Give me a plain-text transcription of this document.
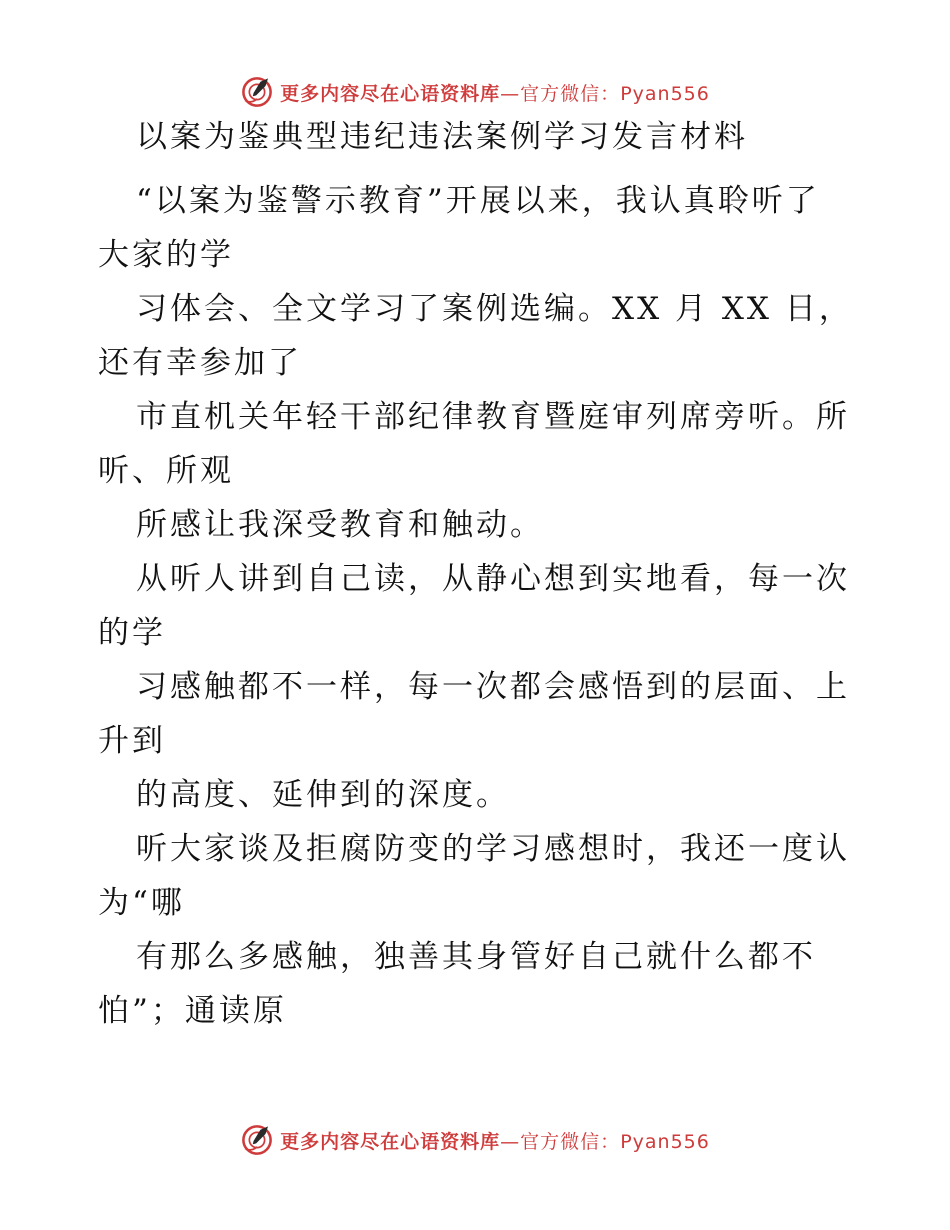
更多内容尽在心语资料库—官方微信：Pyan556
以案为鉴典型违纪违法案例学习发言材料
“以案为鉴警示教育”开展以来，我认真聆听了
大家的学
习体会、全文学习了案例选编。XX 月 XX 日，
还有幸参加了
市直机关年轻干部纪律教育暨庭审列席旁听。所
听、所观
所感让我深受教育和触动。
从听人讲到自己读，从静心想到实地看，每一次
的学
习感触都不一样，每一次都会感悟到的层面、上
升到
的高度、延伸到的深度。
听大家谈及拒腐防变的学习感想时，我还一度认
为“哪
有那么多感触，独善其身管好自己就什么都不
怕”；通读原
更多内容尽在心语资料库—官方微信：Pyan556
